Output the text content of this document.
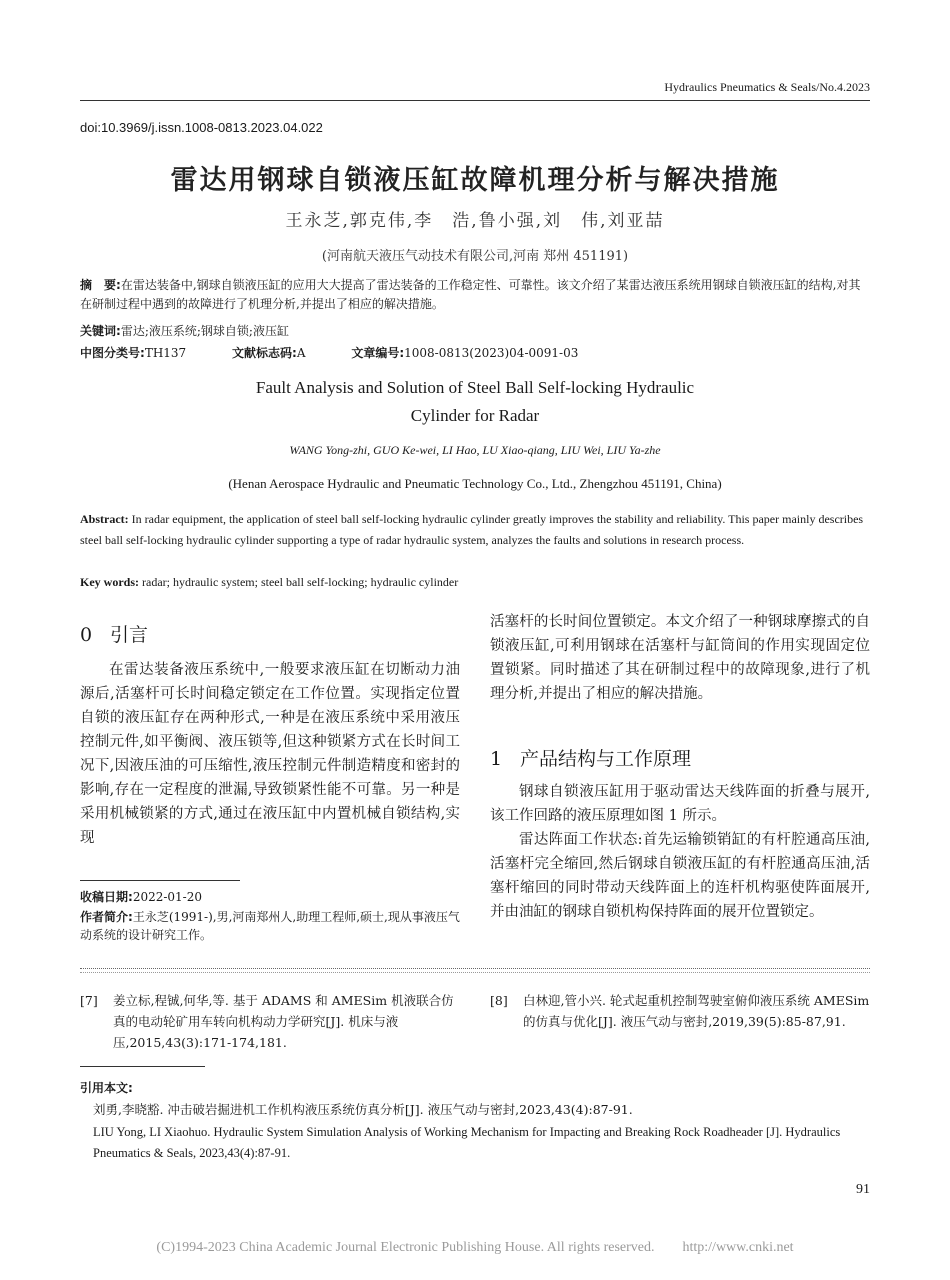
Hydraulics Pneumatics & Seals/No.4.2023
doi:10.3969/j.issn.1008-0813.2023.04.022
雷达用钢球自锁液压缸故障机理分析与解决措施
王永芝,郭克伟,李　浩,鲁小强,刘　伟,刘亚喆
(河南航天液压气动技术有限公司,河南 郑州 451191)
摘　要:在雷达装备中,钢球自锁液压缸的应用大大提高了雷达装备的工作稳定性、可靠性。该文介绍了某雷达液压系统用钢球自锁液压缸的结构,对其在研制过程中遇到的故障进行了机理分析,并提出了相应的解决措施。
关键词:雷达;液压系统;钢球自锁;液压缸
中图分类号:TH137	文献标志码:A	文章编号:1008-0813(2023)04-0091-03
Fault Analysis and Solution of Steel Ball Self-locking Hydraulic
Cylinder for Radar
WANG Yong-zhi, GUO Ke-wei, LI Hao, LU Xiao-qiang, LIU Wei, LIU Ya-zhe
(Henan Aerospace Hydraulic and Pneumatic Technology Co., Ltd., Zhengzhou 451191, China)
Abstract: In radar equipment, the application of steel ball self-locking hydraulic cylinder greatly improves the stability and reliability. This paper mainly describes steel ball self-locking hydraulic cylinder supporting a type of radar hydraulic system, analyzes the faults and solutions in research process.
Key words: radar; hydraulic system; steel ball self-locking; hydraulic cylinder
0 引言

在雷达装备液压系统中,一般要求液压缸在切断动力油源后,活塞杆可长时间稳定锁定在工作位置。实现指定位置自锁的液压缸存在两种形式,一种是在液压系统中采用液压控制元件,如平衡阀、液压锁等,但这种锁紧方式在长时间工况下,因液压油的可压缩性,液压控制元件制造精度和密封的影响,存在一定程度的泄漏,导致锁紧性能不可靠。另一种是采用机械锁紧的方式,通过在液压缸中内置机械自锁结构,实现

收稿日期:2022-01-20
作者简介:王永芝(1991-),男,河南郑州人,助理工程师,硕士,现从事液压气动系统的设计研究工作。

活塞杆的长时间位置锁定。本文介绍了一种钢球摩擦式的自锁液压缸,可利用钢球在活塞杆与缸筒间的作用实现固定位置锁紧。同时描述了其在研制过程中的故障现象,进行了机理分析,并提出了相应的解决措施。

1 产品结构与工作原理

钢球自锁液压缸用于驱动雷达天线阵面的折叠与展开,该工作回路的液压原理如图 1 所示。

雷达阵面工作状态:首先运输锁销缸的有杆腔通高压油,活塞杆完全缩回,然后钢球自锁液压缸的有杆腔通高压油,活塞杆缩回的同时带动天线阵面上的连杆机构驱使阵面展开,并由油缸的钢球自锁机构保持阵面的展开位置锁定。

[7] 姜立标,程铖,何华,等. 基于 ADAMS 和 AMESim 机液联合仿真的电动轮矿用车转向机构动力学研究[J]. 机床与液压,2015,43(3):171-174,181.
[8] 白林迎,管小兴. 轮式起重机控制驾驶室俯仰液压系统 AMESim 的仿真与优化[J]. 液压气动与密封,2019,39(5):85-87,91.
引用本文:
刘勇,李晓豁. 冲击破岩掘进机工作机构液压系统仿真分析[J]. 液压气动与密封,2023,43(4):87-91.
LIU Yong, LI Xiaohuo. Hydraulic System Simulation Analysis of Working Mechanism for Impacting and Breaking Rock Roadheader [J]. Hydraulics Pneumatics & Seals, 2023,43(4):87-91.
91
(C)1994-2023 China Academic Journal Electronic Publishing House. All rights reserved.　　http://www.cnki.net
